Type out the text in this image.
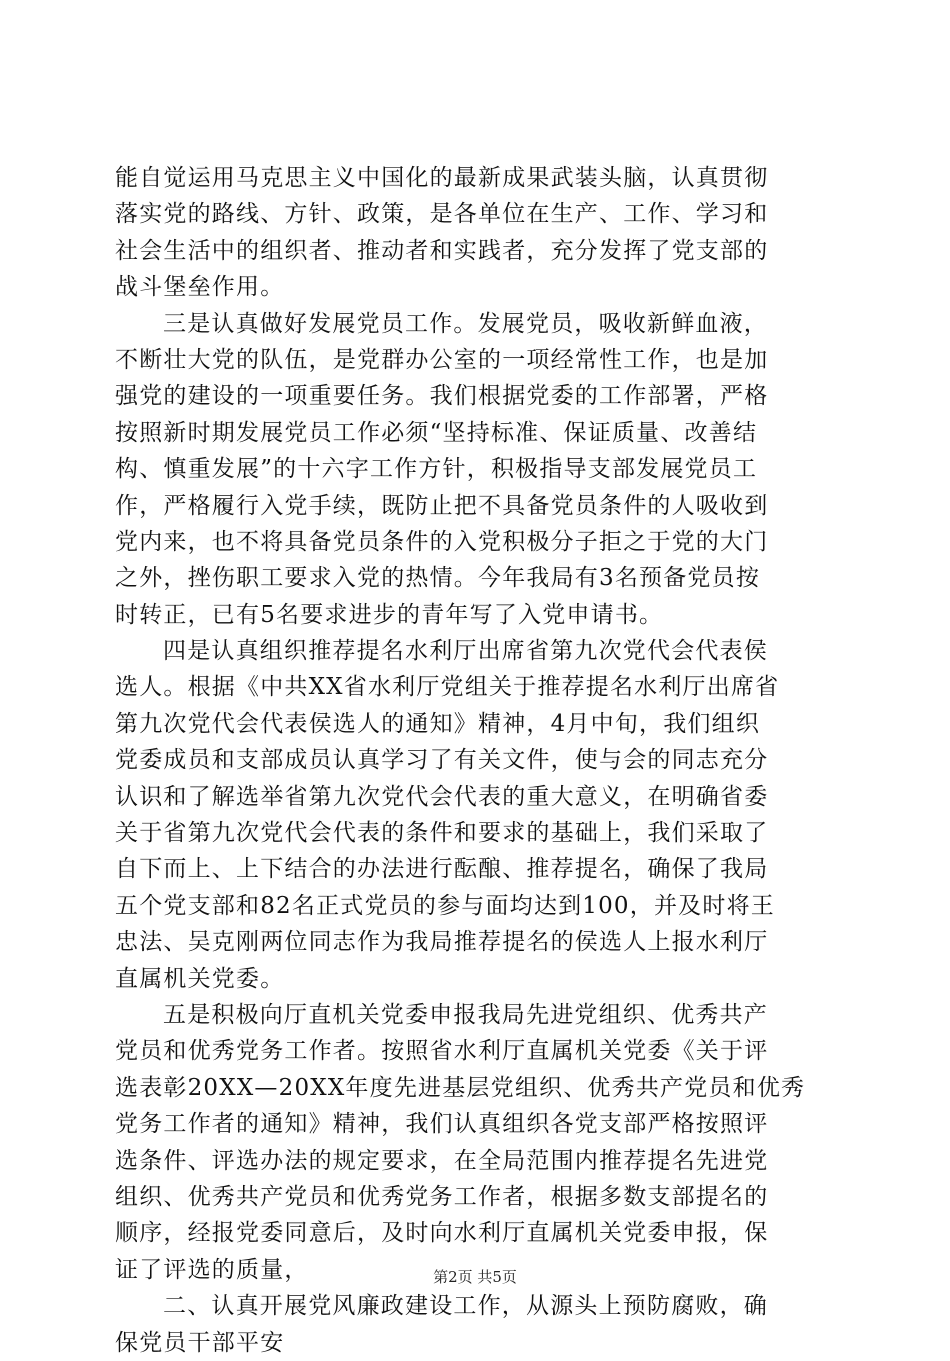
能自觉运用马克思主义中国化的最新成果武装头脑，认真贯彻
落实党的路线、方针、政策，是各单位在生产、工作、学习和
社会生活中的组织者、推动者和实践者，充分发挥了党支部的
战斗堡垒作用。
三是认真做好发展党员工作。发展党员，吸收新鲜血液，
不断壮大党的队伍，是党群办公室的一项经常性工作，也是加
强党的建设的一项重要任务。我们根据党委的工作部署，严格
按照新时期发展党员工作必须“坚持标准、保证质量、改善结
构、慎重发展”的十六字工作方针，积极指导支部发展党员工
作，严格履行入党手续，既防止把不具备党员条件的人吸收到
党内来，也不将具备党员条件的入党积极分子拒之于党的大门
之外，挫伤职工要求入党的热情。今年我局有3名预备党员按
时转正，已有5名要求进步的青年写了入党申请书。
四是认真组织推荐提名水利厅出席省第九次党代会代表侯
选人。根据《中共XX省水利厅党组关于推荐提名水利厅出席省
第九次党代会代表侯选人的通知》精神，4月中旬，我们组织
党委成员和支部成员认真学习了有关文件，使与会的同志充分
认识和了解选举省第九次党代会代表的重大意义，在明确省委
关于省第九次党代会代表的条件和要求的基础上，我们采取了
自下而上、上下结合的办法进行酝酿、推荐提名，确保了我局
五个党支部和82名正式党员的参与面均达到100，并及时将王
忠法、吴克刚两位同志作为我局推荐提名的侯选人上报水利厅
直属机关党委。
五是积极向厅直机关党委申报我局先进党组织、优秀共产
党员和优秀党务工作者。按照省水利厅直属机关党委《关于评
选表彰20XX—20XX年度先进基层党组织、优秀共产党员和优秀
党务工作者的通知》精神，我们认真组织各党支部严格按照评
选条件、评选办法的规定要求，在全局范围内推荐提名先进党
组织、优秀共产党员和优秀党务工作者，根据多数支部提名的
顺序，经报党委同意后，及时向水利厅直属机关党委申报，保
证了评选的质量，
二、认真开展党风廉政建设工作，从源头上预防腐败，确
保党员干部平安
第2页 共5页
